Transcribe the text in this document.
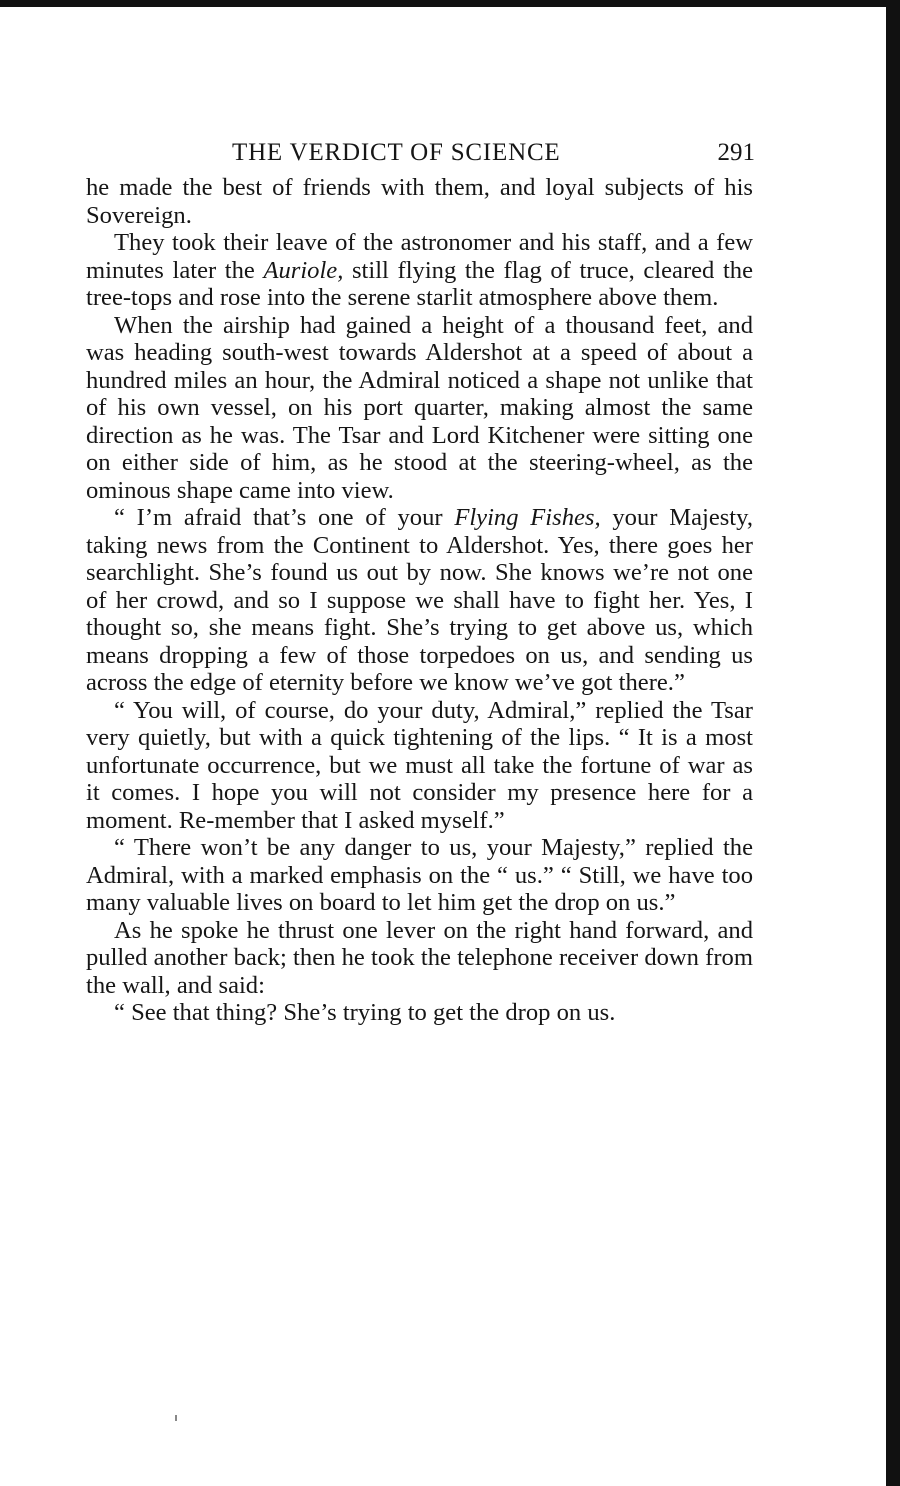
THE VERDICT OF SCIENCE	291

he made the best of friends with them, and loyal subjects of his Sovereign.

They took their leave of the astronomer and his staff, and a few minutes later the Auriole, still flying the flag of truce, cleared the tree-tops and rose into the serene starlit atmosphere above them.

When the airship had gained a height of a thousand feet, and was heading south-west towards Aldershot at a speed of about a hundred miles an hour, the Admiral noticed a shape not unlike that of his own vessel, on his port quarter, making almost the same direction as he was. The Tsar and Lord Kitchener were sitting one on either side of him, as he stood at the steering-wheel, as the ominous shape came into view.

“ I’m afraid that’s one of your Flying Fishes, your Majesty, taking news from the Continent to Aldershot. Yes, there goes her searchlight. She’s found us out by now. She knows we’re not one of her crowd, and so I suppose we shall have to fight her. Yes, I thought so, she means fight. She’s trying to get above us, which means dropping a few of those torpedoes on us, and sending us across the edge of eternity before we know we’ve got there.”

“ You will, of course, do your duty, Admiral,” replied the Tsar very quietly, but with a quick tightening of the lips. “ It is a most unfortunate occurrence, but we must all take the fortune of war as it comes. I hope you will not consider my presence here for a moment. Re-member that I asked myself.”

“ There won’t be any danger to us, your Majesty,” replied the Admiral, with a marked emphasis on the “ us.” “ Still, we have too many valuable lives on board to let him get the drop on us.”

As he spoke he thrust one lever on the right hand forward, and pulled another back; then he took the telephone receiver down from the wall, and said:

“ See that thing? She’s trying to get the drop on us.
